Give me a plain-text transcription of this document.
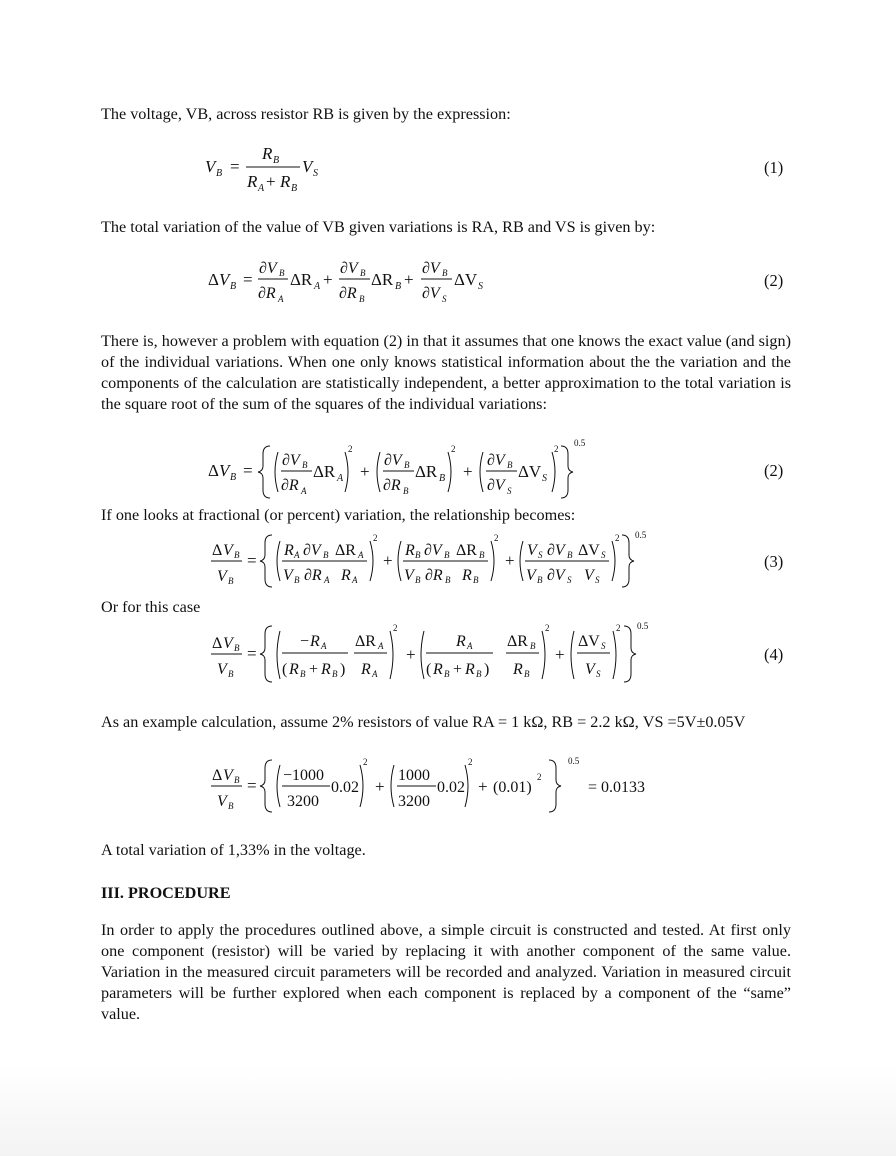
The voltage, VB, across resistor RB is given by the expression:
V B =
R B
R A + R B
V S	(1)
The total variation of the value of VB given variations is RA, RB and VS is given by:
Δ V B =
∂V B
∂R A
ΔR A +
∂V B
∂R B
ΔR B +
∂V B
∂V S
ΔV S	(2)
There is, however a problem with equation (2) in that it assumes that one knows the exact value (and sign) of the individual variations. When one only knows statistical information about the the variation and the components of the calculation are statistically independent, a better approximation to the total variation is the square root of the sum of the squares of the individual variations:
Δ V B =
∂V B
∂R A
ΔR A
2
+
∂V B
∂R B
ΔR B
2
+
∂V B
∂V S
ΔV S
2
0.5
(2)
If one looks at fractional (or percent) variation, the relationship becomes:
Δ V B
V B
=
R A ∂V B ΔR A
V B ∂R A R A
2
+
R B ∂V B ΔR B
V B ∂R B R B
2
+
V S ∂V B ΔV S
V B ∂V S V S
2 0.5
(3)
Or for this case
Δ V B
V B
=
− R A
( R B + R B )
ΔR A
R A
2
+
R A
( R B + R B )
ΔR B
R B
2
+
ΔV S
V S
2 0.5
(4)
As an example calculation, assume 2% resistors of value RA = 1 kΩ, RB = 2.2 kΩ, VS =5V±0.05V
Δ V B
V B
=
−1000
3200
0.02
2
+
1000
3200
0.02
2
+ (0.01)
2
0.5
= 0.0133
A total variation of 1,33% in the voltage.
III. PROCEDURE
In order to apply the procedures outlined above, a simple circuit is constructed and tested. At first only one component (resistor) will be varied by replacing it with another component of the same value. Variation in the measured circuit parameters will be recorded and analyzed. Variation in measured circuit parameters will be further explored when each component is replaced by a component of the “same” value.
